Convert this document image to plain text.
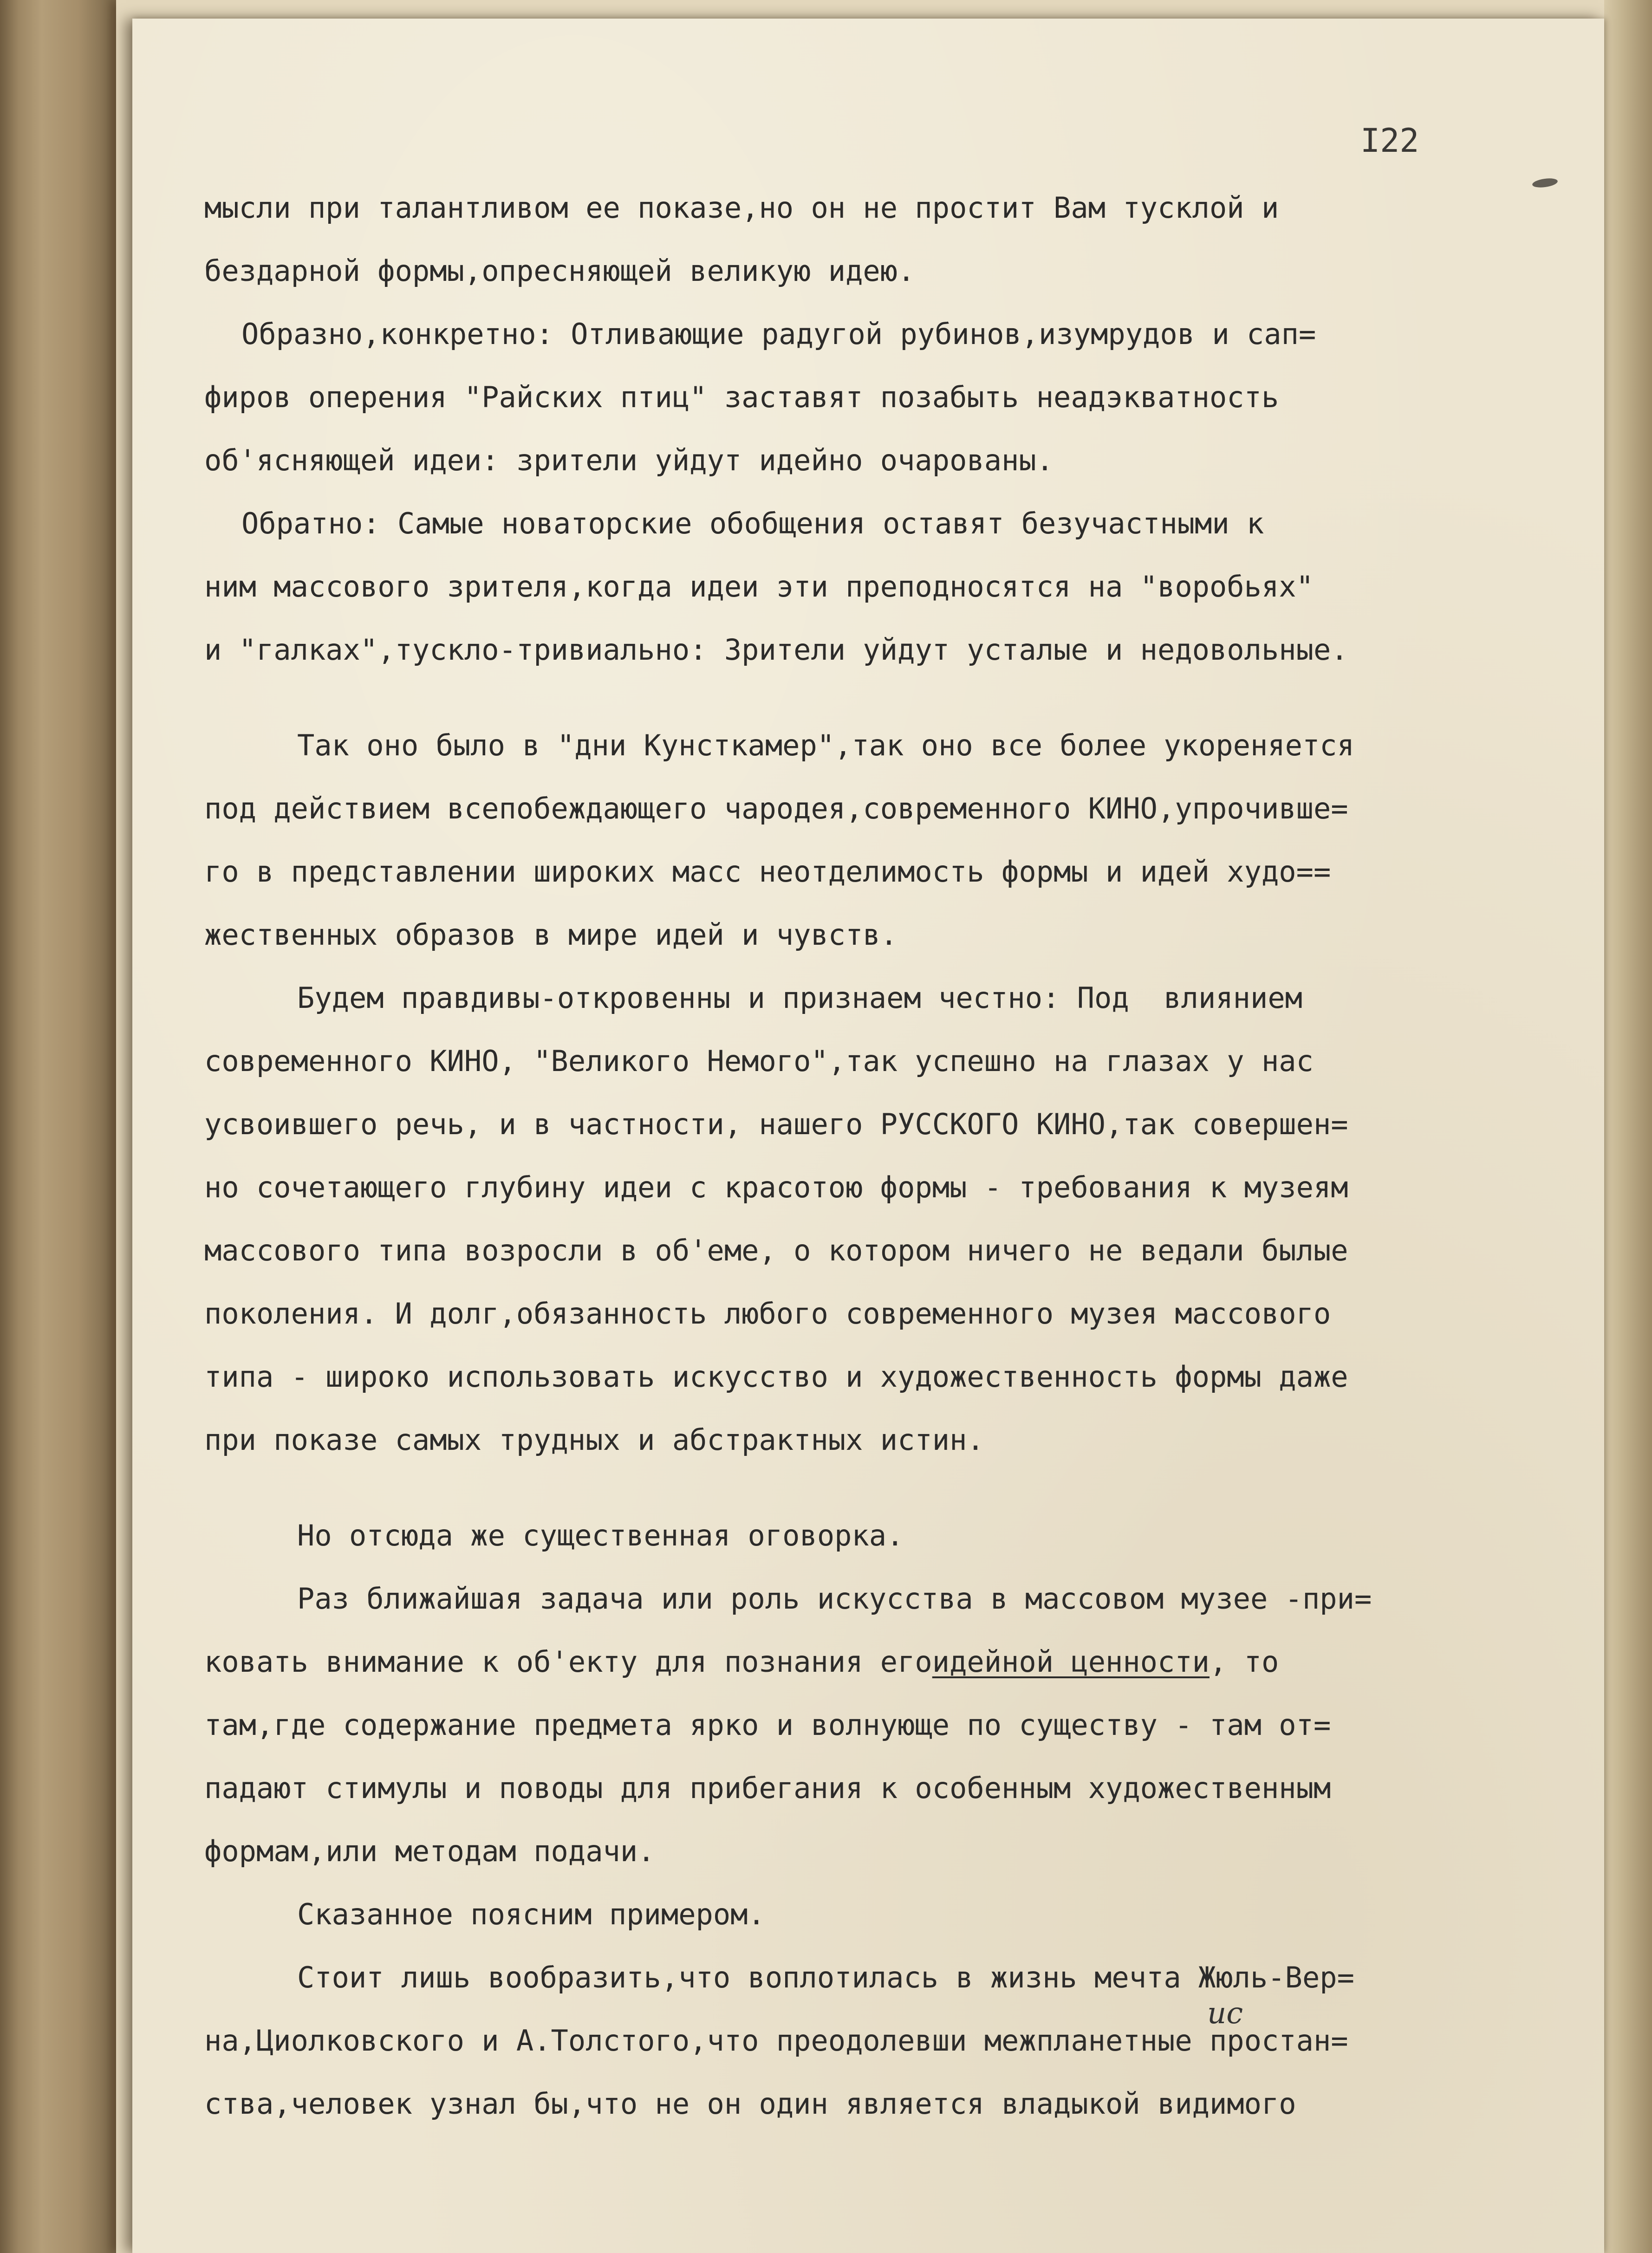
I22
ис
мысли при талантливом ее показе,но он не простит Вам тусклой и
бездарной формы,опресняющей великую идею.
Образно,конкретно: Отливающие радугой рубинов,изумрудов и сап=
фиров оперения "Райских птиц" заставят позабыть неадэкватность
об'ясняющей идеи: зрители уйдут идейно очарованы.
Обратно: Самые новаторские обобщения оставят безучастными к
ним массового зрителя,когда идеи эти преподносятся на "воробьях"
и "галках",тускло-тривиально: Зрители уйдут усталые и недовольные.
Так оно было в "дни Кунсткамер",так оно все более укореняется
под действием всепобеждающего чародея,современного КИНО,упрочивше=
го в представлении широких масс неотделимость формы и идей худо==
жественных образов в мире идей и чувств.
Будем правдивы-откровенны и признаем честно: Под  влиянием
современного КИНО, "Великого Немого",так успешно на глазах у нас
усвоившего речь, и в частности, нашего РУССКОГО КИНО,так совершен=
но сочетающего глубину идеи с красотою формы - требования к музеям
массового типа возросли в об'еме, о котором ничего не ведали былые
поколения. И долг,обязанность любого современного музея массового
типа - широко использовать искусство и художественность формы даже
при показе самых трудных и абстрактных истин.
Но отсюда же существенная оговорка.
Раз ближайшая задача или роль искусства в массовом музее -при=
ковать внимание к об'екту для познания егоидейной ценности, то
там,где содержание предмета ярко и волнующе по существу - там от=
падают стимулы и поводы для прибегания к особенным художественным
формам,или методам подачи.
Сказанное поясним примером.
Стоит лишь вообразить,что воплотилась в жизнь мечта Жюль-Вер=
на,Циолковского и А.Толстого,что преодолевши межпланетные простан=
ства,человек узнал бы,что не он один является владыкой видимого
